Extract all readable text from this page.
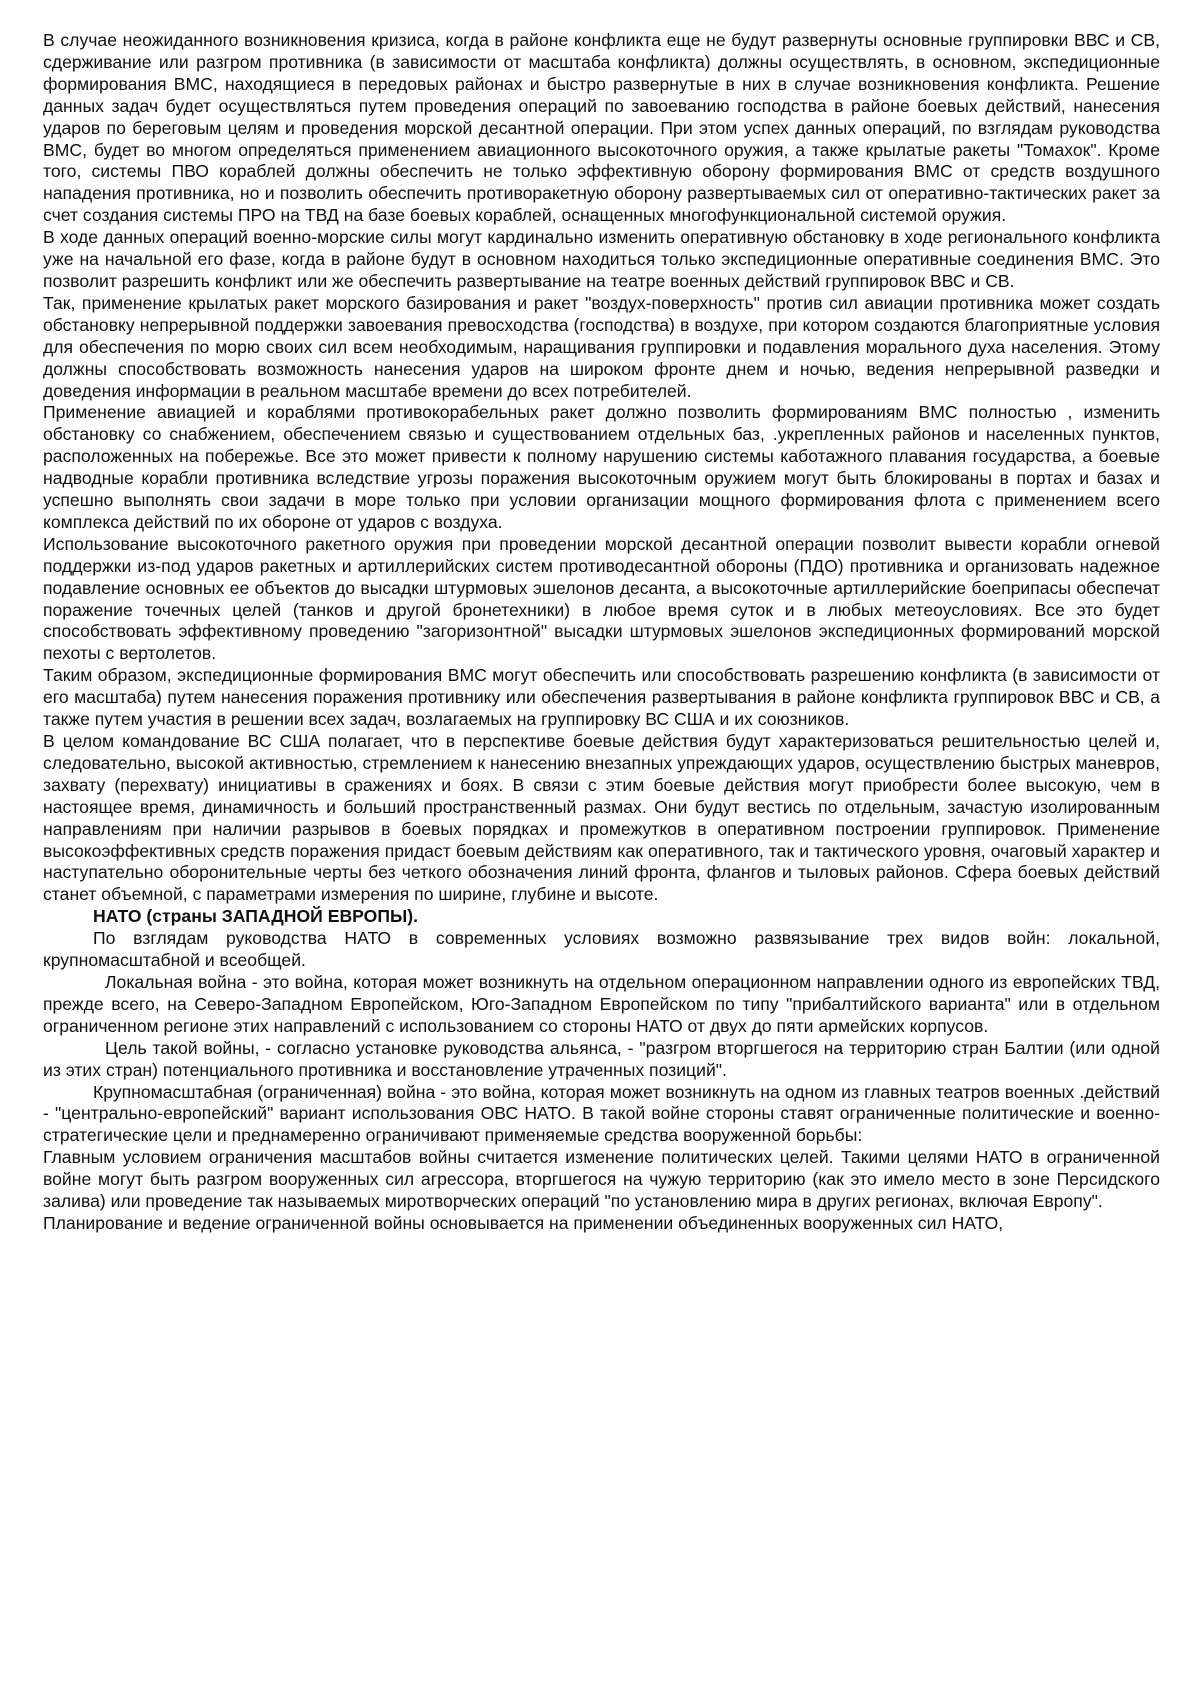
В случае неожиданного возникновения кризиса, когда в районе конфликта еще не будут развернуты основные группировки ВВС и СВ, сдерживание или разгром противника (в зависимости от масштаба конфликта) должны осуществлять, в основном, экспедиционные формирования ВМС, находящиеся в передовых районах и быстро развернутые в них в случае возникновения конфликта. Решение данных задач будет осуществляться путем проведения операций по завоеванию господства в районе боевых действий, нанесения ударов по береговым целям и проведения морской десантной операции. При этом успех данных операций, по взглядам руководства ВМС, будет во многом определяться применением авиационного высокоточного оружия, а также крылатые ракеты "Томахок". Кроме того, системы ПВО кораблей должны обеспечить не только эффективную оборону формирования ВМС от средств воздушного нападения противника, но и позволить обеспечить противоракетную оборону развертываемых сил от оперативно-тактических ракет за счет создания системы ПРО на ТВД на базе боевых кораблей, оснащенных многофункциональной системой оружия.

В ходе данных операций военно-морские силы могут кардинально изменить оперативную обстановку в ходе регионального конфликта уже на начальной его фазе, когда в районе будут в основном находиться только экспедиционные оперативные соединения ВМС. Это позволит разрешить конфликт или же обеспечить развертывание на театре военных действий группировок ВВС и СВ.

Так, применение крылатых ракет морского базирования и ракет "воздух-поверхность" против сил авиации противника может создать обстановку непрерывной поддержки завоевания превосходства (господства) в воздухе, при котором создаются благоприятные условия для обеспечения по морю своих сил всем необходимым, наращивания группировки и подавления морального духа населения. Этому должны способствовать возможность нанесения ударов на широком фронте днем и ночью, ведения непрерывной разведки и доведения информации в реальном масштабе времени до всех потребителей.

Применение авиацией и кораблями противокорабельных ракет должно позволить формированиям ВМС полностью , изменить обстановку со снабжением, обеспечением связью и существованием отдельных баз, .укрепленных районов и населенных пунктов, расположенных на побережье. Все это может привести к полному нарушению системы каботажного плавания государства, а боевые надводные корабли противника вследствие угрозы поражения высокоточным оружием могут быть блокированы в портах и базах и успешно выполнять свои задачи в море только при условии организации мощного формирования флота с применением всего комплекса действий по их обороне от ударов с воздуха.

Использование высокоточного ракетного оружия при проведении морской десантной операции позволит вывести корабли огневой поддержки из-под ударов ракетных и артиллерийских систем противодесантной обороны (ПДО) противника и организовать надежное подавление основных ее объектов до высадки штурмовых эшелонов десанта, а высокоточные артиллерийские боеприпасы обеспечат поражение точечных целей (танков и другой бронетехники) в любое время суток и в любых метеоусловиях. Все это будет способствовать эффективному проведению "загоризонтной" высадки штурмовых эшелонов экспедиционных формирований морской пехоты с вертолетов.

Таким образом, экспедиционные формирования ВМС могут обеспечить или способствовать разрешению конфликта (в зависимости от его масштаба) путем нанесения поражения противнику или обеспечения развертывания в районе конфликта группировок ВВС и СВ, а также путем участия в решении всех задач, возлагаемых на группировку ВС США и их союзников.

В целом командование ВС США полагает, что в перспективе боевые действия будут характеризоваться решительностью целей и, следовательно, высокой активностью, стремлением к нанесению внезапных упреждающих ударов, осуществлению быстрых маневров, захвату (перехвату) инициативы в сражениях и боях. В связи с этим боевые действия могут приобрести более высокую, чем в настоящее время, динамичность и больший пространственный размах. Они будут вестись по отдельным, зачастую изолированным направлениям при наличии разрывов в боевых порядках и промежутков в оперативном построении группировок. Применение высокоэффективных средств поражения придаст боевым действиям как оперативного, так и тактического уровня, очаговый характер и наступательно оборонительные черты без четкого обозначения линий фронта, флангов и тыловых районов. Сфера боевых действий станет объемной, с параметрами измерения по ширине, глубине и высоте.

НАТО (страны ЗАПАДНОЙ ЕВРОПЫ).

По взглядам руководства НАТО в современных условиях возможно развязывание трех видов войн: локальной, крупномасштабной и всеобщей.

Локальная война - это война, которая может возникнуть на отдельном операционном направлении одного из европейских ТВД, прежде всего, на Северо-Западном Европейском, Юго-Западном Европейском по типу "прибалтийского варианта" или в отдельном ограниченном регионе этих направлений с использованием со стороны НАТО от двух до пяти армейских корпусов.

Цель такой войны, - согласно установке руководства альянса, - "разгром вторгшегося на территорию стран Балтии (или одной из этих стран) потенциального противника и восстановление утраченных позиций".

Крупномасштабная (ограниченная) война - это война, которая может возникнуть на одном из главных театров военных .действий - "центрально-европейский" вариант использования ОВС НАТО. В такой войне стороны ставят ограниченные политические и военно-стратегические цели и преднамеренно ограничивают применяемые средства вооруженной борьбы:

Главным условием ограничения масштабов войны считается изменение политических целей. Такими целями НАТО в ограниченной войне могут быть разгром вооруженных сил агрессора, вторгшегося на чужую территорию (как это имело место в зоне Персидского залива) или проведение так называемых миротворческих операций "по установлению мира в других регионах, включая Европу".

Планирование и ведение ограниченной войны основывается на применении объединенных вооруженных сил НАТО,
